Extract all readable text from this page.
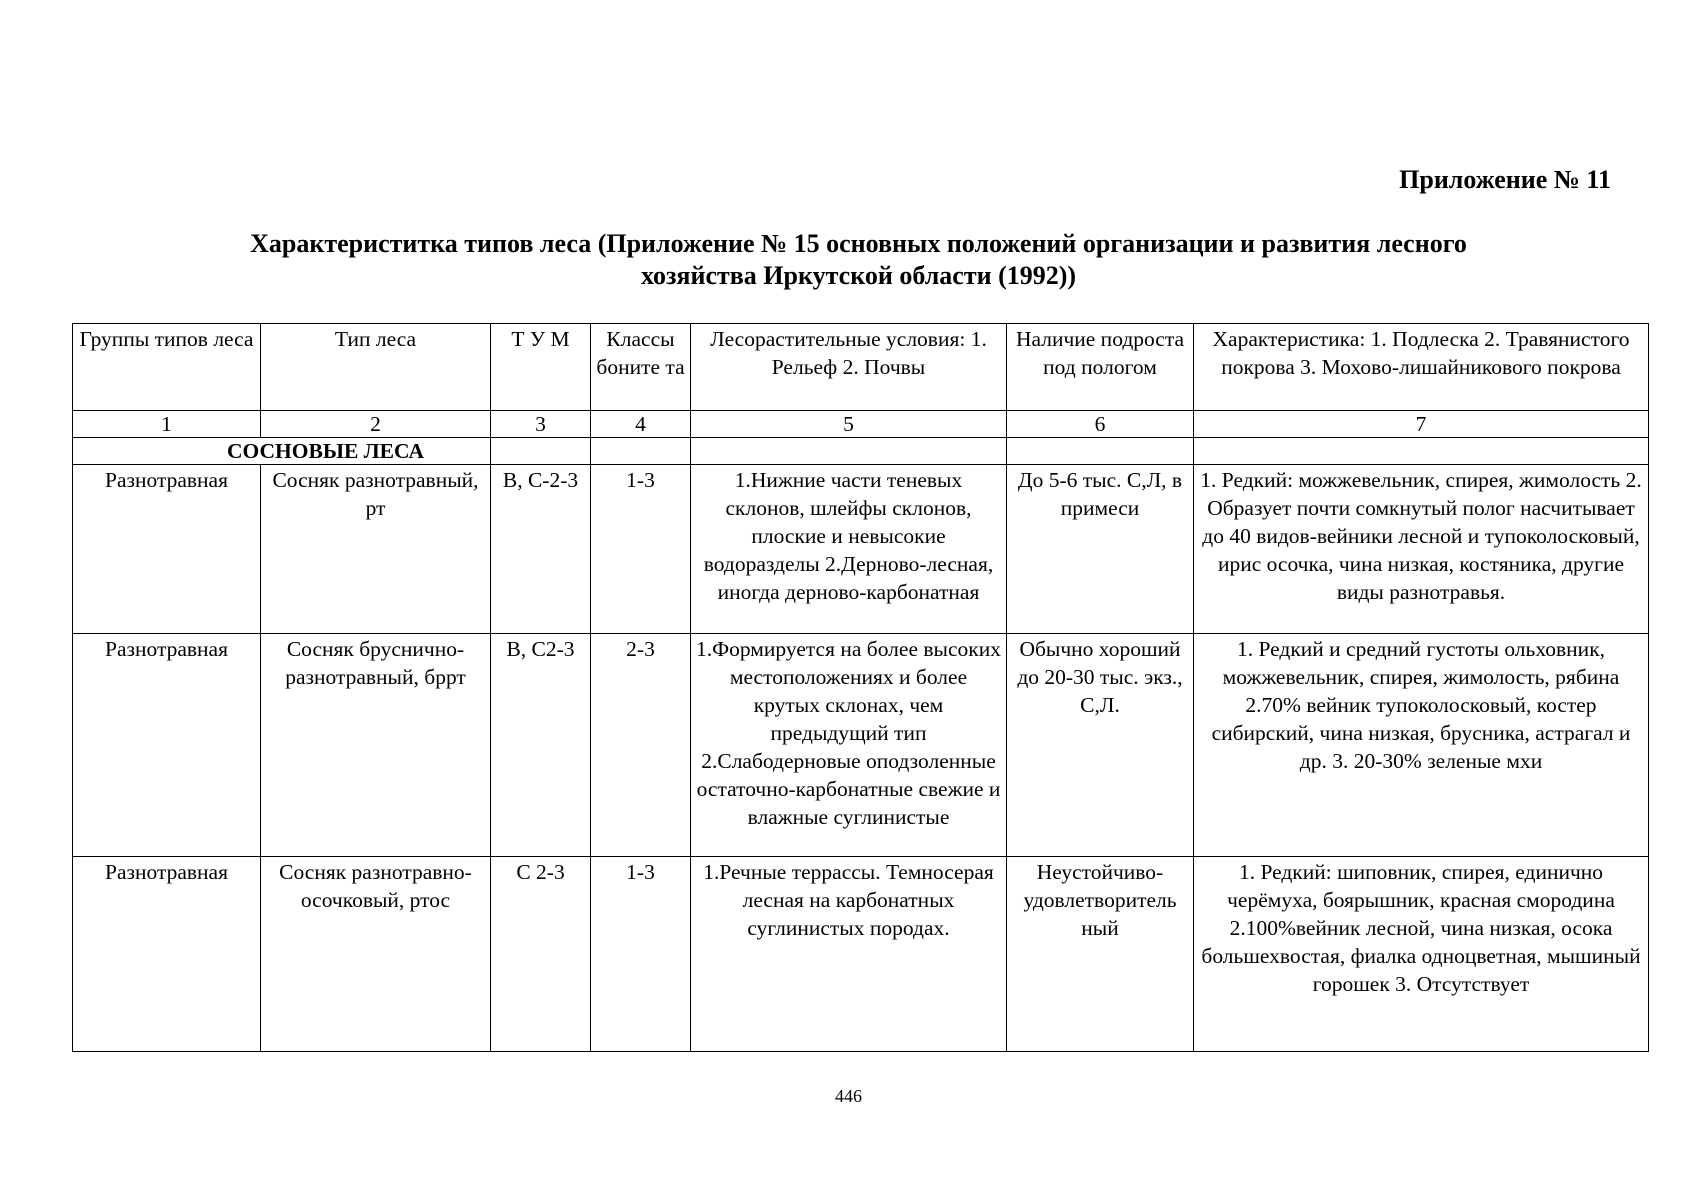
Приложение № 11
Характериститка типов леса (Приложение № 15 основных положений организации и развития лесного
хозяйства Иркутской области (1992))
Группы типов леса	Тип леса	Т У М	Классы боните та	Лесорастительные условия: 1. Рельеф 2. Почвы	Наличие подроста под пологом	Характеристика: 1. Подлеска 2. Травянистого покрова 3. Мохово-лишайникового покрова
1	2	3	4	5	6	7
СОСНОВЫЕ ЛЕСА						
Разнотравная	Сосняк разнотравный, рт	В, С-2-3	1-3	1.Нижние части теневых склонов, шлейфы склонов, плоские и невысокие водоразделы 2.Дерново-лесная, иногда дерново-карбонатная	До 5-6 тыс. С,Л, в примеси	1. Редкий: можжевельник, спирея, жимолость 2. Образует почти сомкнутый полог насчитывает до 40 видов-вейники лесной и тупоколосковый, ирис осочка, чина низкая, костяника, другие виды разнотравья.
Разнотравная	Сосняк бруснично-разнотравный, бррт	В, С2-3	2-3	1.Формируется на более высоких местоположениях и более крутых склонах, чем предыдущий тип 2.Слабодерновые оподзоленные остаточно-карбонатные свежие и влажные суглинистые	Обычно хороший до 20-30 тыс. экз., С,Л.	1. Редкий и средний густоты ольховник, можжевельник, спирея, жимолость, рябина 2.70% вейник тупоколосковый, костер сибирский, чина низкая, брусника, астрагал и др. 3. 20-30% зеленые мхи
Разнотравная	Сосняк разнотравно-осочковый, ртос	С 2-3	1-3	1.Речные террассы. Темносерая лесная на карбонатных суглинистых породах.	Неустойчиво-удовлетворитель ный	1. Редкий: шиповник, спирея, единично черёмуха, боярышник, красная смородина 2.100%вейник лесной, чина низкая, осока большехвостая, фиалка одноцветная, мышиный горошек 3. Отсутствует
446
